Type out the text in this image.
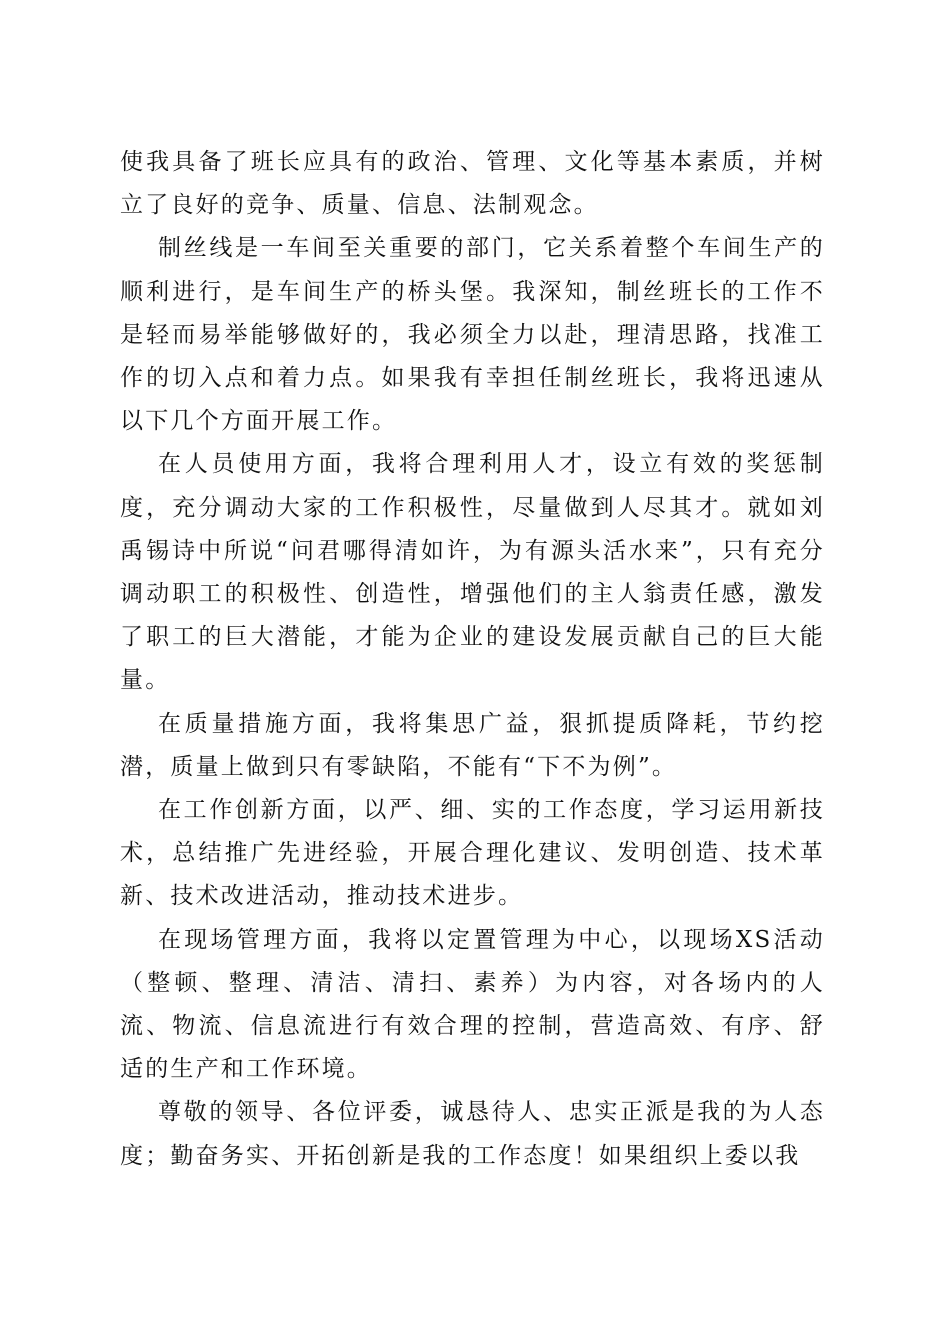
使我具备了班长应具有的政治、管理、文化等基本素质，并树立了良好的竞争、质量、信息、法制观念。

制丝线是一车间至关重要的部门，它关系着整个车间生产的顺利进行，是车间生产的桥头堡。我深知，制丝班长的工作不是轻而易举能够做好的，我必须全力以赴，理清思路，找准工作的切入点和着力点。如果我有幸担任制丝班长，我将迅速从以下几个方面开展工作。

在人员使用方面，我将合理利用人才，设立有效的奖惩制度，充分调动大家的工作积极性，尽量做到人尽其才。就如刘禹锡诗中所说“问君哪得清如许，为有源头活水来”，只有充分调动职工的积极性、创造性，增强他们的主人翁责任感，激发了职工的巨大潜能，才能为企业的建设发展贡献自己的巨大能量。

在质量措施方面，我将集思广益，狠抓提质降耗，节约挖潜，质量上做到只有零缺陷，不能有“下不为例”。

在工作创新方面，以严、细、实的工作态度，学习运用新技术，总结推广先进经验，开展合理化建议、发明创造、技术革新、技术改进活动，推动技术进步。

在现场管理方面，我将以定置管理为中心，以现场XS活动（整顿、整理、清洁、清扫、素养）为内容，对各场内的人流、物流、信息流进行有效合理的控制，营造高效、有序、舒适的生产和工作环境。

尊敬的领导、各位评委，诚恳待人、忠实正派是我的为人态度；勤奋务实、开拓创新是我的工作态度！如果组织上委以我
